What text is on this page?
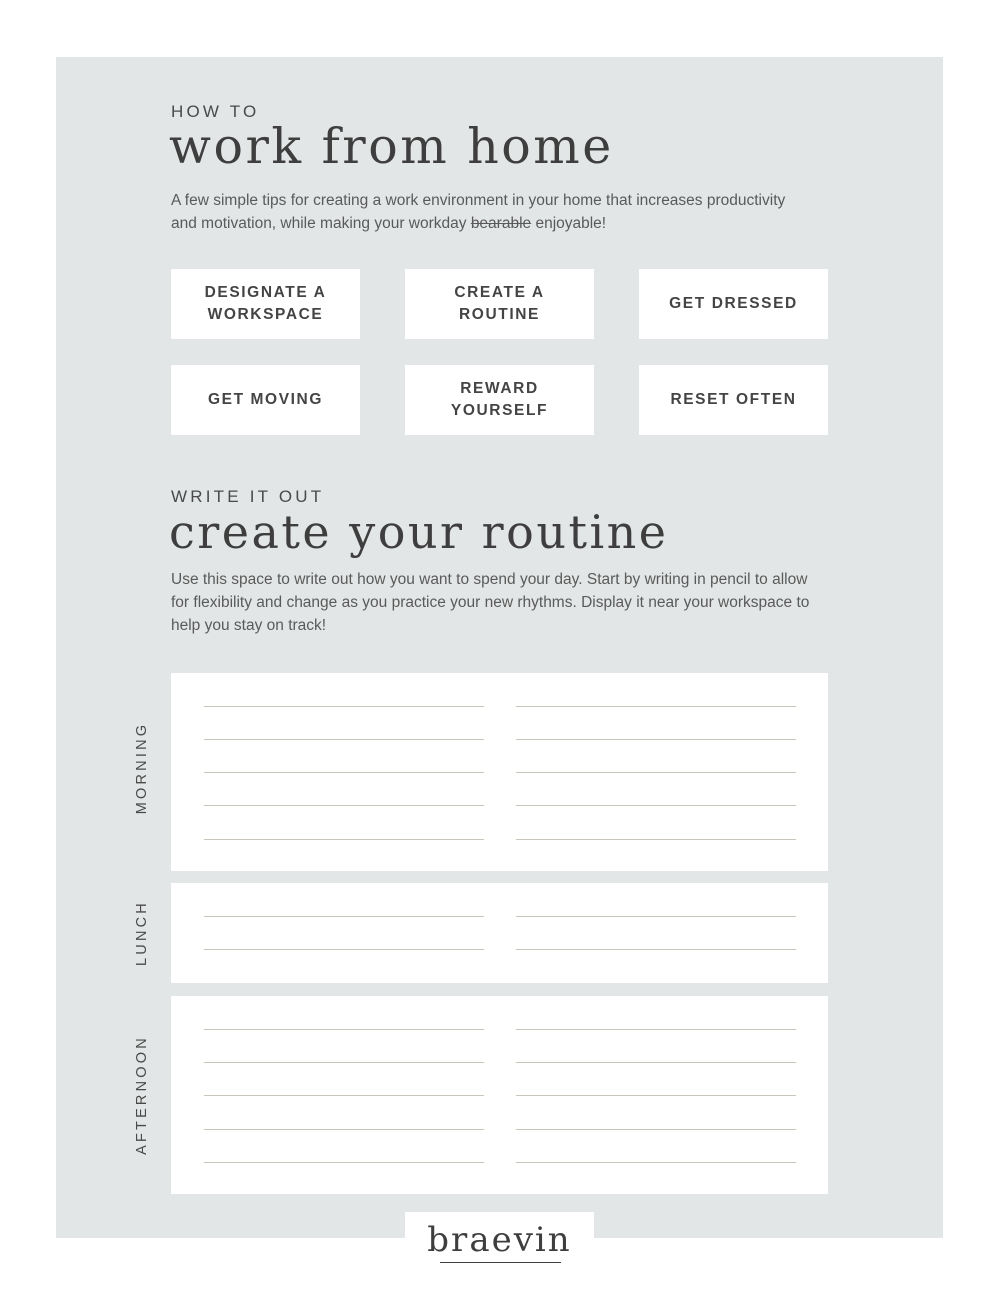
HOW TO
work from home

A few simple tips for creating a work environment in your home that increases productivity and motivation, while making your workday bearable enjoyable!

DESIGNATE A WORKSPACE
CREATE A ROUTINE
GET DRESSED
GET MOVING
REWARD YOURSELF
RESET OFTEN
WRITE IT OUT
create your routine

Use this space to write out how you want to spend your day. Start by writing in pencil to allow for flexibility and change as you practice your new rhythms. Display it near your workspace to help you stay on track!

MORNING
LUNCH
AFTERNOON
braevin
